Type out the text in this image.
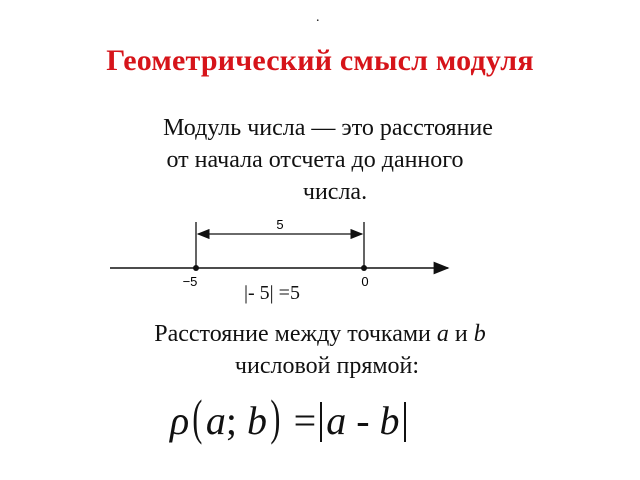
.
Геометрический смысл модуля
Модуль числа — это расстояние
от начала отсчета до данного
числа.
5
−5	0
|- 5| =5
Расстояние между точками a и b
числовой прямой:
ρ(a; b) = a - b
